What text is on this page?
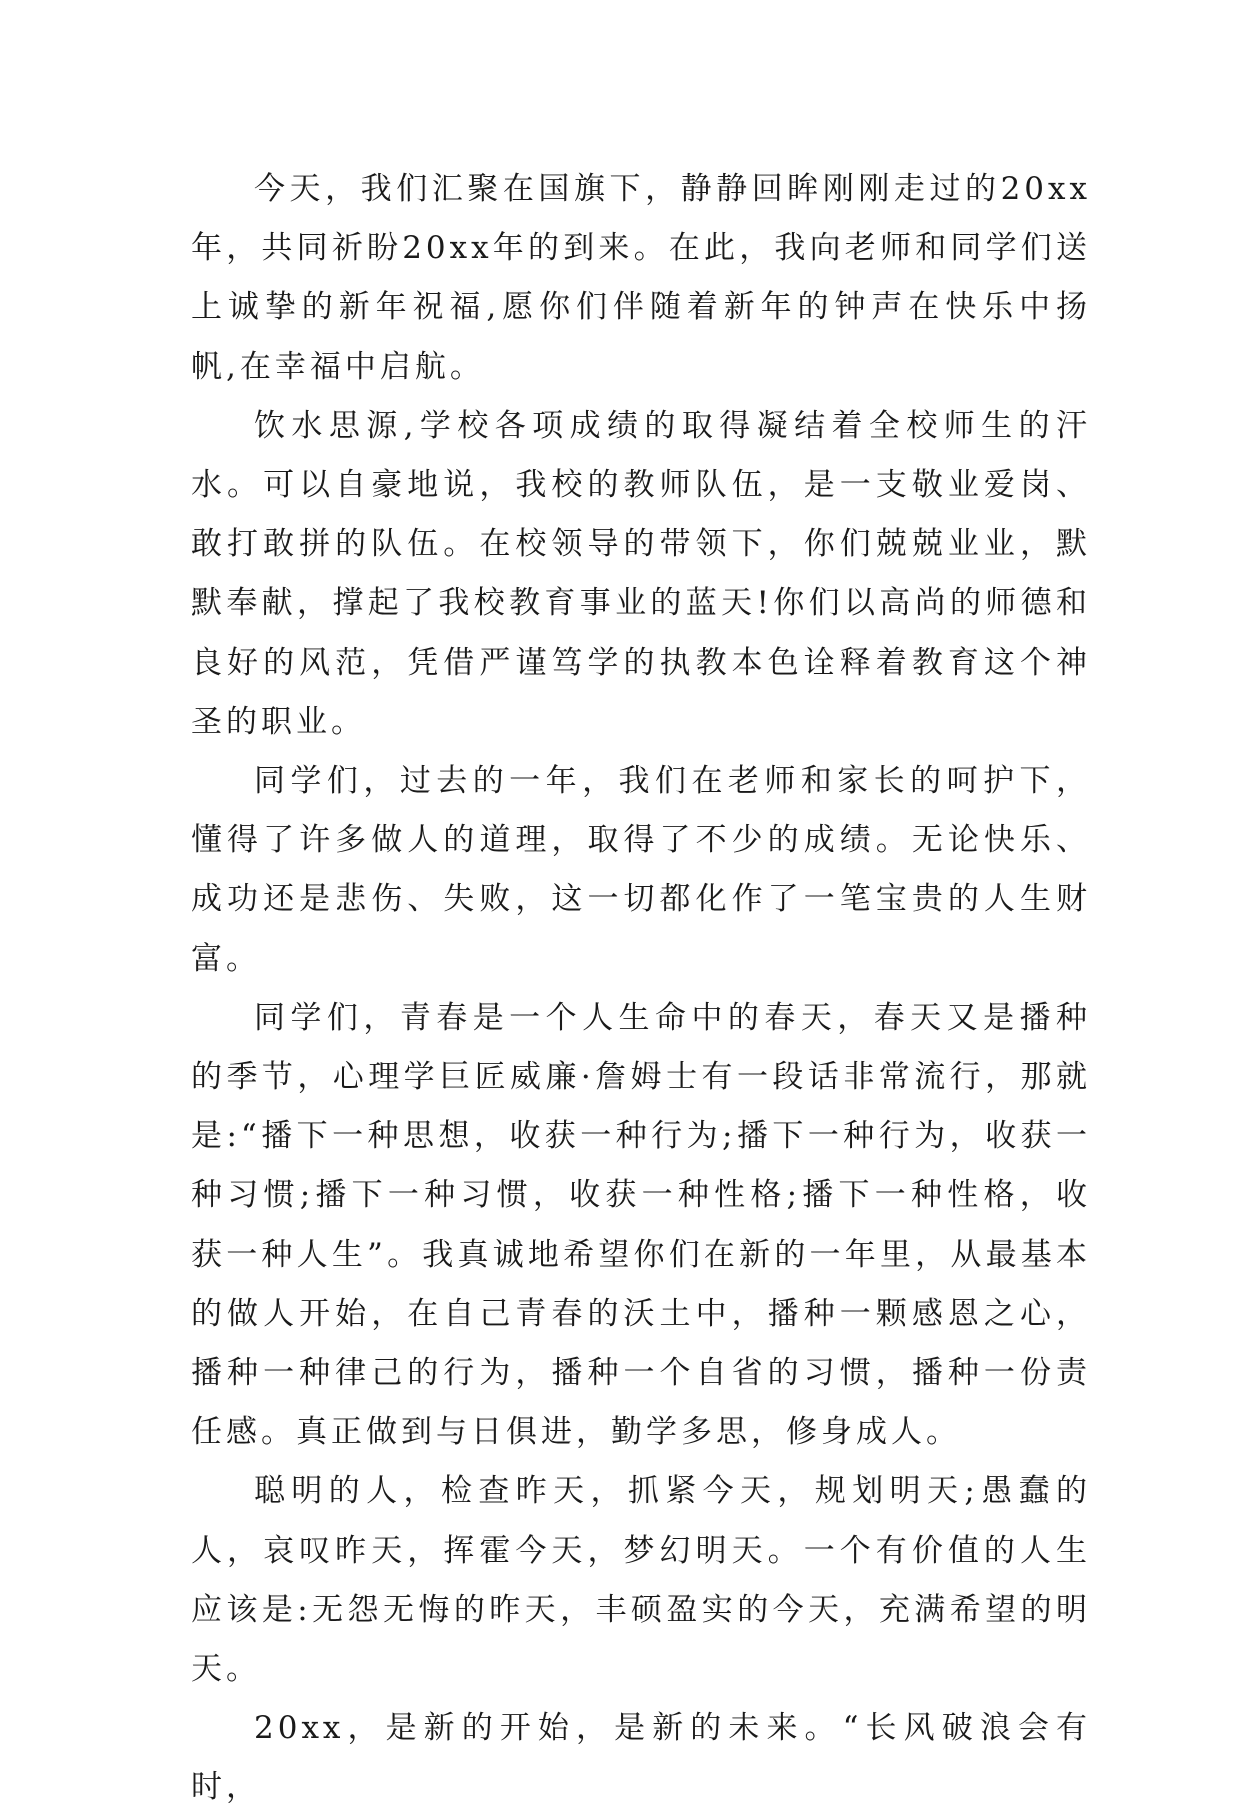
今天，我们汇聚在国旗下，静静回眸刚刚走过的20xx年，共同祈盼20xx年的到来。在此，我向老师和同学们送上诚挚的新年祝福,愿你们伴随着新年的钟声在快乐中扬帆,在幸福中启航。

饮水思源,学校各项成绩的取得凝结着全校师生的汗水。可以自豪地说，我校的教师队伍，是一支敬业爱岗、敢打敢拼的队伍。在校领导的带领下，你们兢兢业业，默默奉献，撑起了我校教育事业的蓝天!你们以高尚的师德和良好的风范，凭借严谨笃学的执教本色诠释着教育这个神圣的职业。

同学们，过去的一年，我们在老师和家长的呵护下，懂得了许多做人的道理，取得了不少的成绩。无论快乐、成功还是悲伤、失败，这一切都化作了一笔宝贵的人生财富。

同学们，青春是一个人生命中的春天，春天又是播种的季节，心理学巨匠威廉·詹姆士有一段话非常流行，那就是:“播下一种思想，收获一种行为;播下一种行为，收获一种习惯;播下一种习惯，收获一种性格;播下一种性格，收获一种人生”。我真诚地希望你们在新的一年里，从最基本的做人开始，在自己青春的沃土中，播种一颗感恩之心，播种一种律己的行为，播种一个自省的习惯，播种一份责任感。真正做到与日俱进，勤学多思，修身成人。

聪明的人，检查昨天，抓紧今天，规划明天;愚蠢的人，哀叹昨天，挥霍今天，梦幻明天。一个有价值的人生应该是:无怨无悔的昨天，丰硕盈实的今天，充满希望的明天。

20xx，是新的开始，是新的未来。“长风破浪会有时，
